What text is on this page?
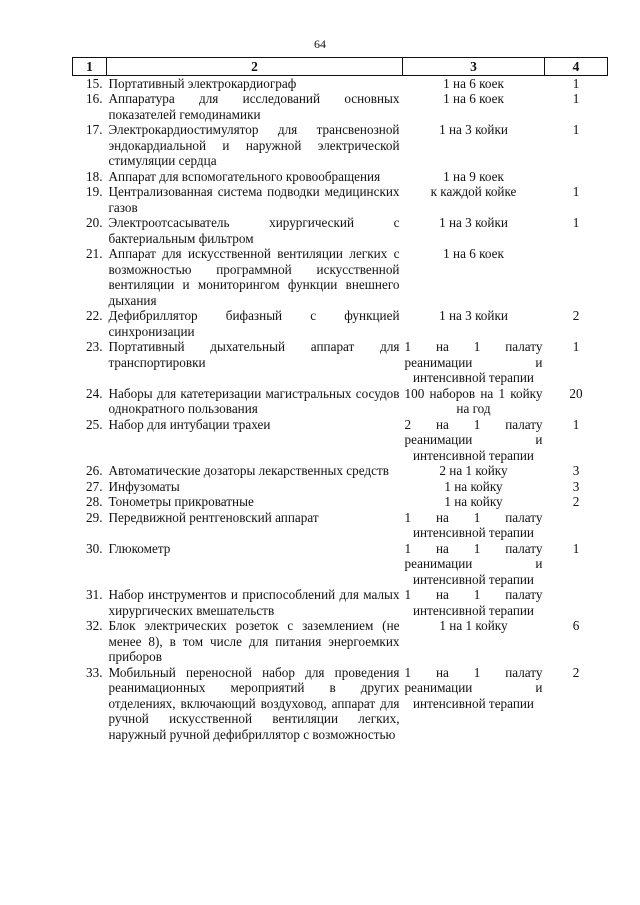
64
1	2	3	4
15.	Портативный электрокардиограф	1 на 6 коек	1
16.	Аппаратура для исследований основных показателей гемодинамики	1 на 6 коек	1
17.	Электрокардиостимулятор для трансвенозной эндокардиальной и наружной электрической стимуляции сердца	1 на 3 койки	1
18.	Аппарат для вспомогательного кровообращения	1 на 9 коек	
19.	Централизованная система подводки медицинских газов	к каждой койке	1
20.	Электроотсасыватель хирургический с бактериальным фильтром	1 на 3 койки	1
21.	Аппарат для искусственной вентиляции легких с возможностью программной искусственной вентиляции и мониторингом функции внешнего дыхания	1 на 6 коек	
22.	Дефибриллятор бифазный с функцией синхронизации	1 на 3 койки	2
23.	Портативный дыхательный аппарат для транспортировки	1 на 1 палату реанимации и интенсивной терапии	1
24.	Наборы для катетеризации магистральных сосудов однократного пользования	100 наборов на 1 койку на год	20
25.	Набор для интубации трахеи	2 на 1 палату реанимации и интенсивной терапии	1
26.	Автоматические дозаторы лекарственных средств	2 на 1 койку	3
27.	Инфузоматы	1 на койку	3
28.	Тонометры прикроватные	1 на койку	2
29.	Передвижной рентгеновский аппарат	1 на 1 палату интенсивной терапии	
30.	Глюкометр	1 на 1 палату реанимации и интенсивной терапии	1
31.	Набор инструментов и приспособлений для малых хирургических вмешательств	1 на 1 палату интенсивной терапии	
32.	Блок электрических розеток с заземлением (не менее 8), в том числе для питания энергоемких приборов	1 на 1 койку	6
33.	Мобильный переносной набор для проведения реанимационных мероприятий в других отделениях, включающий воздуховод, аппарат для ручной искусственной вентиляции легких, наружный ручной дефибриллятор с возможностью	1 на 1 палату реанимации и интенсивной терапии	2
